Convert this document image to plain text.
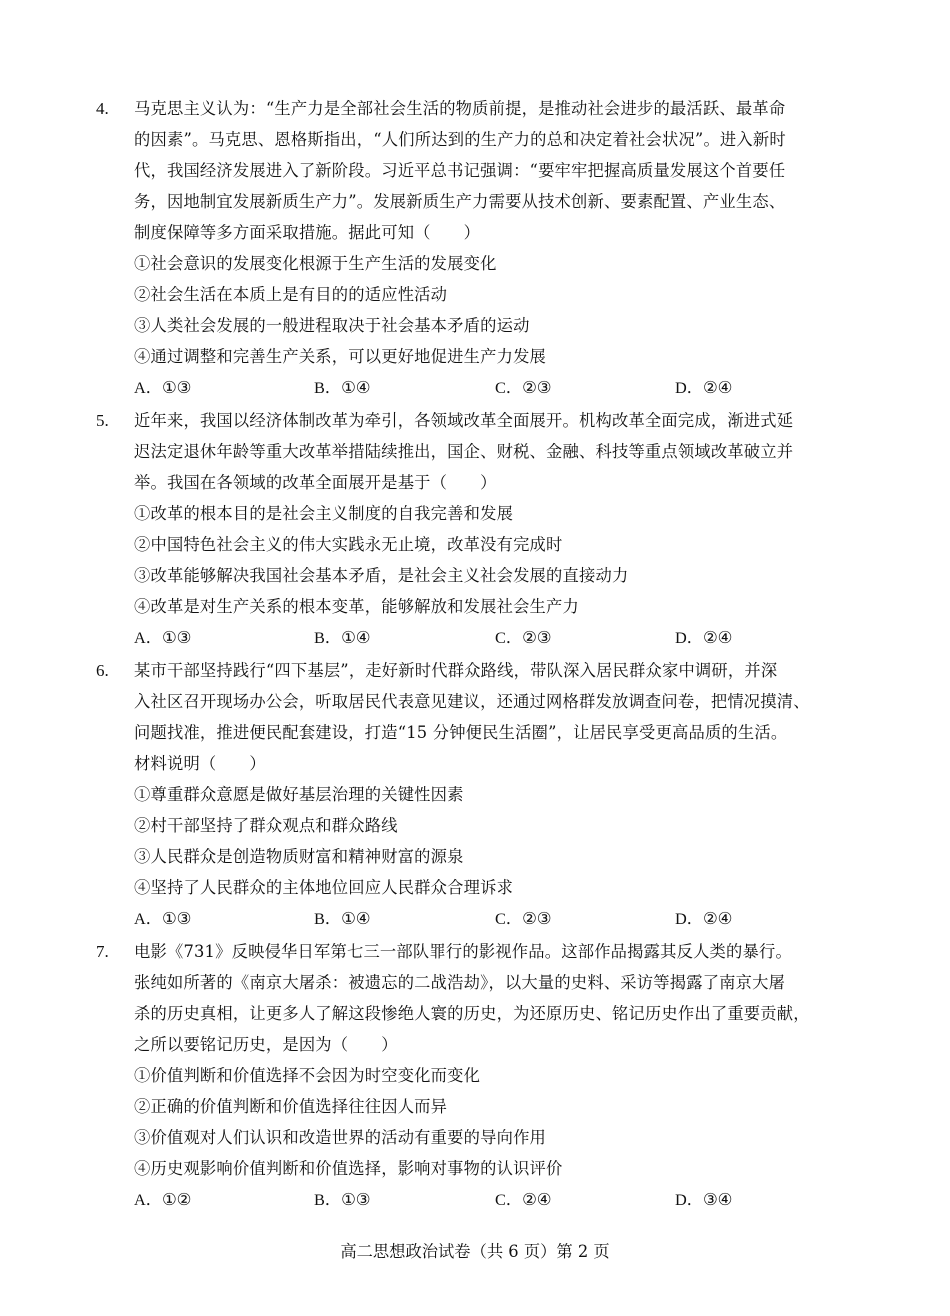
4. 马克思主义认为：“生产力是全部社会生活的物质前提，是推动社会进步的最活跃、最革命
的因素”。马克思、恩格斯指出，“人们所达到的生产力的总和决定着社会状况”。进入新时
代，我国经济发展进入了新阶段。习近平总书记强调：“要牢牢把握高质量发展这个首要任
务，因地制宜发展新质生产力”。发展新质生产力需要从技术创新、要素配置、产业生态、
制度保障等多方面采取措施。据此可知（　　）
①社会意识的发展变化根源于生产生活的发展变化
②社会生活在本质上是有目的的适应性活动
③人类社会发展的一般进程取决于社会基本矛盾的运动
④通过调整和完善生产关系，可以更好地促进生产力发展
A．①③	B．①④	C．②③	D．②④
5. 近年来，我国以经济体制改革为牵引，各领域改革全面展开。机构改革全面完成，渐进式延
迟法定退休年龄等重大改革举措陆续推出，国企、财税、金融、科技等重点领域改革破立并
举。我国在各领域的改革全面展开是基于（　　）
①改革的根本目的是社会主义制度的自我完善和发展
②中国特色社会主义的伟大实践永无止境，改革没有完成时
③改革能够解决我国社会基本矛盾，是社会主义社会发展的直接动力
④改革是对生产关系的根本变革，能够解放和发展社会生产力
A．①③	B．①④	C．②③	D．②④
6. 某市干部坚持践行“四下基层”，走好新时代群众路线，带队深入居民群众家中调研，并深
入社区召开现场办公会，听取居民代表意见建议，还通过网格群发放调查问卷，把情况摸清、
问题找准，推进便民配套建设，打造“15 分钟便民生活圈”，让居民享受更高品质的生活。
材料说明（　　）
①尊重群众意愿是做好基层治理的关键性因素
②村干部坚持了群众观点和群众路线
③人民群众是创造物质财富和精神财富的源泉
④坚持了人民群众的主体地位回应人民群众合理诉求
A．①③	B．①④	C．②③	D．②④
7. 电影《731》反映侵华日军第七三一部队罪行的影视作品。这部作品揭露其反人类的暴行。
张纯如所著的《南京大屠杀：被遗忘的二战浩劫》，以大量的史料、采访等揭露了南京大屠
杀的历史真相，让更多人了解这段惨绝人寰的历史，为还原历史、铭记历史作出了重要贡献，
之所以要铭记历史，是因为（　　）
①价值判断和价值选择不会因为时空变化而变化
②正确的价值判断和价值选择往往因人而异
③价值观对人们认识和改造世界的活动有重要的导向作用
④历史观影响价值判断和价值选择，影响对事物的认识评价
A．①②	B．①③	C．②④	D．③④
高二思想政治试卷（共 6 页）第 2 页
